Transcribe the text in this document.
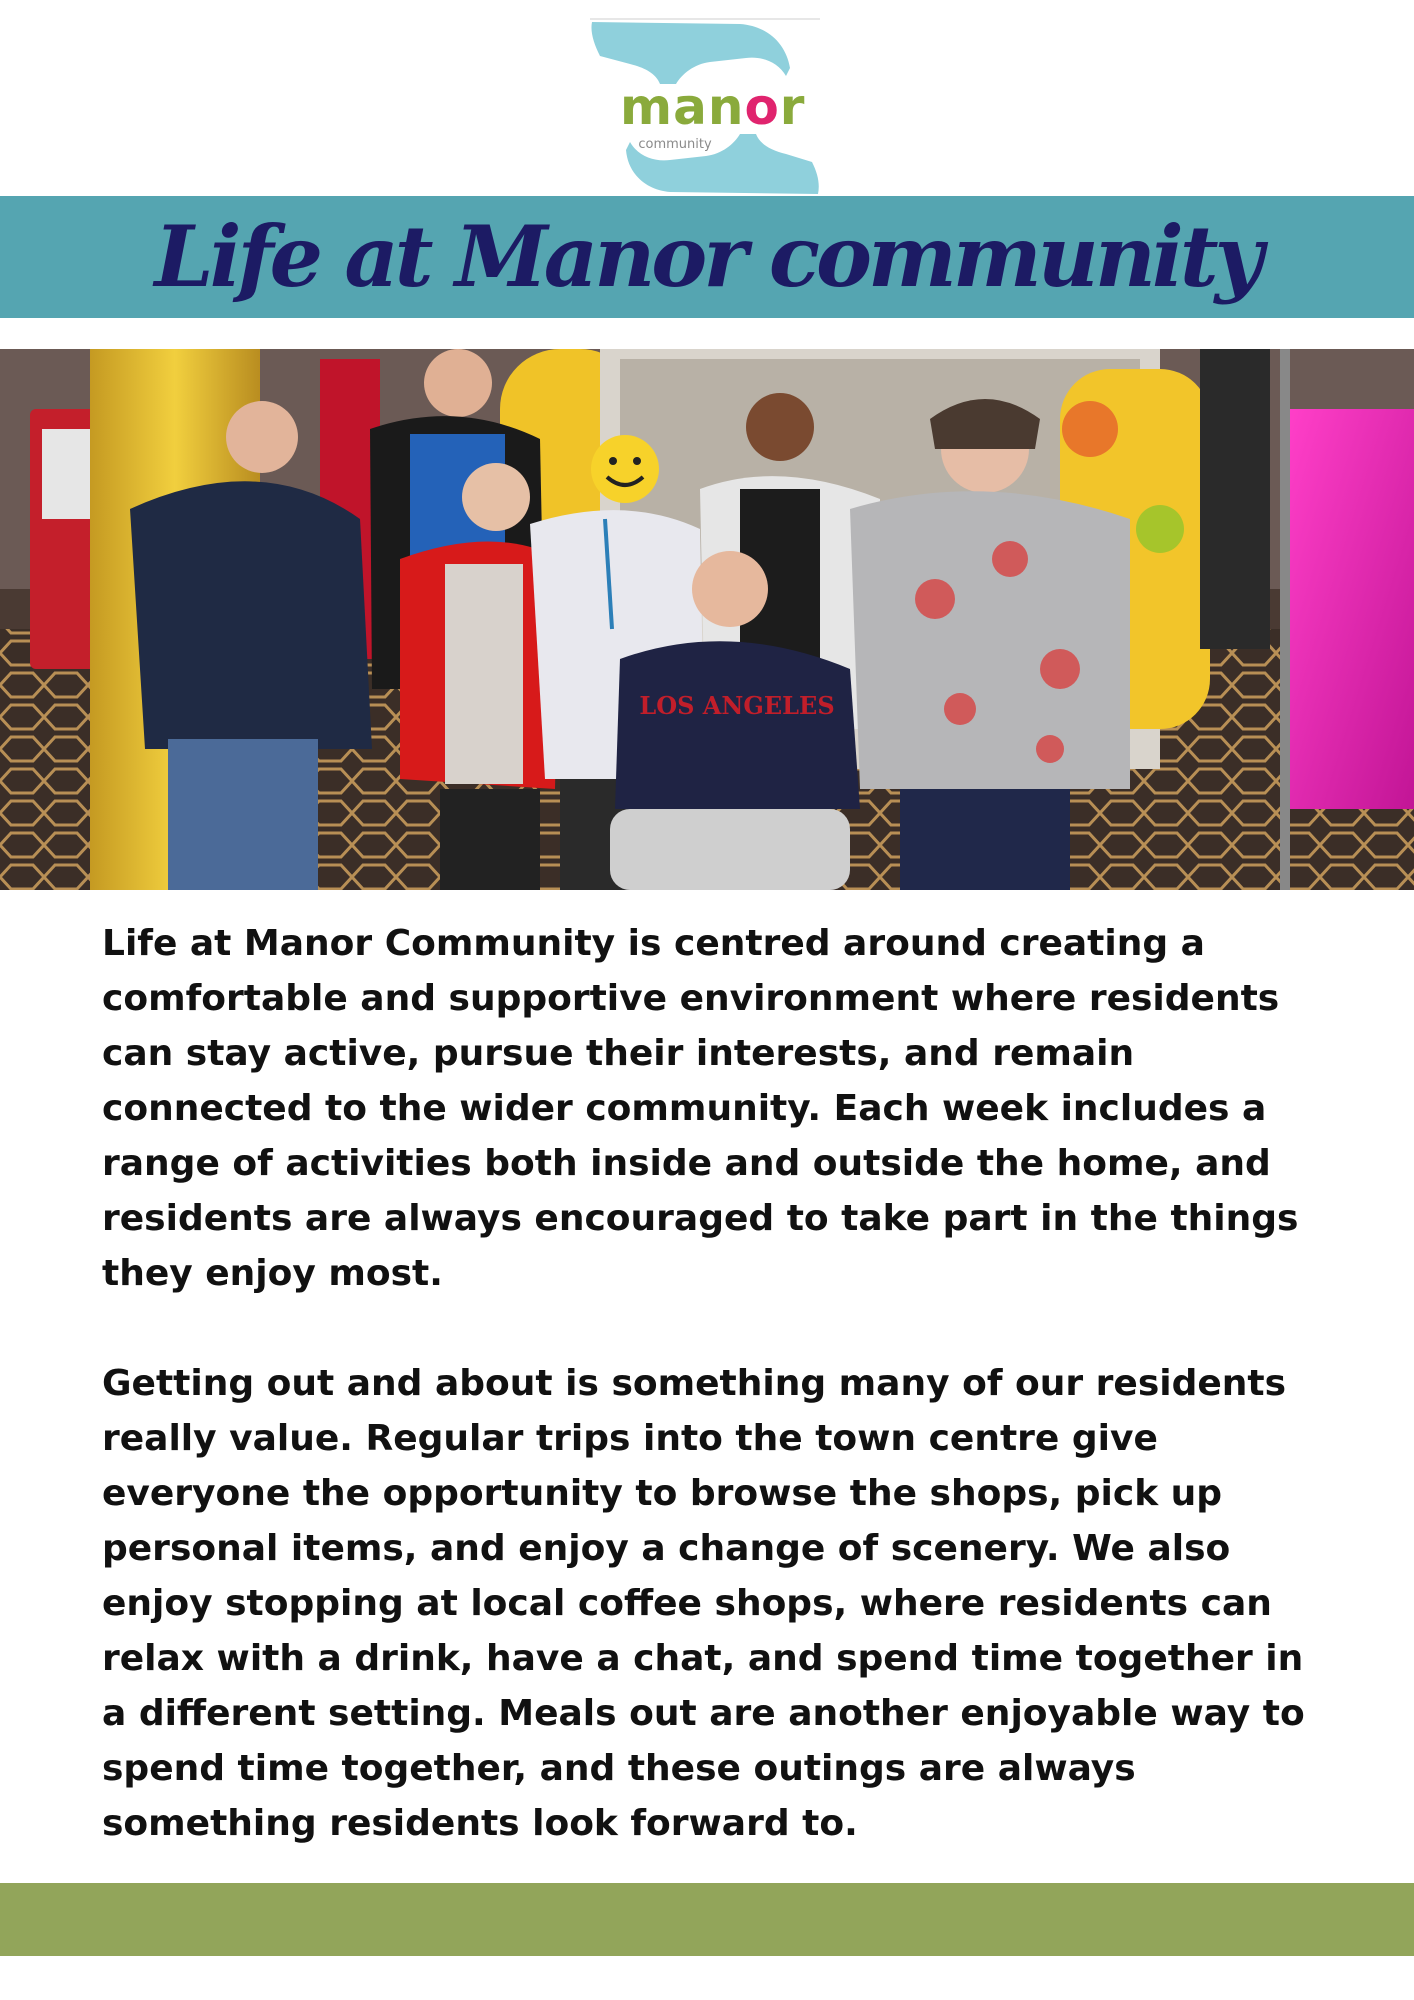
manor
community
Life at Manor community
LOS ANGELES

Life at Manor Community is centred around creating a comfortable and supportive environment where residents can stay active, pursue their interests, and remain connected to the wider community. Each week includes a range of activities both inside and outside the home, and residents are always encouraged to take part in the things they enjoy most.

Getting out and about is something many of our residents really value. Regular trips into the town centre give everyone the opportunity to browse the shops, pick up personal items, and enjoy a change of scenery. We also enjoy stopping at local coffee shops, where residents can relax with a drink, have a chat, and spend time together in a different setting. Meals out are another enjoyable way to spend time together, and these outings are always something residents look forward to.
